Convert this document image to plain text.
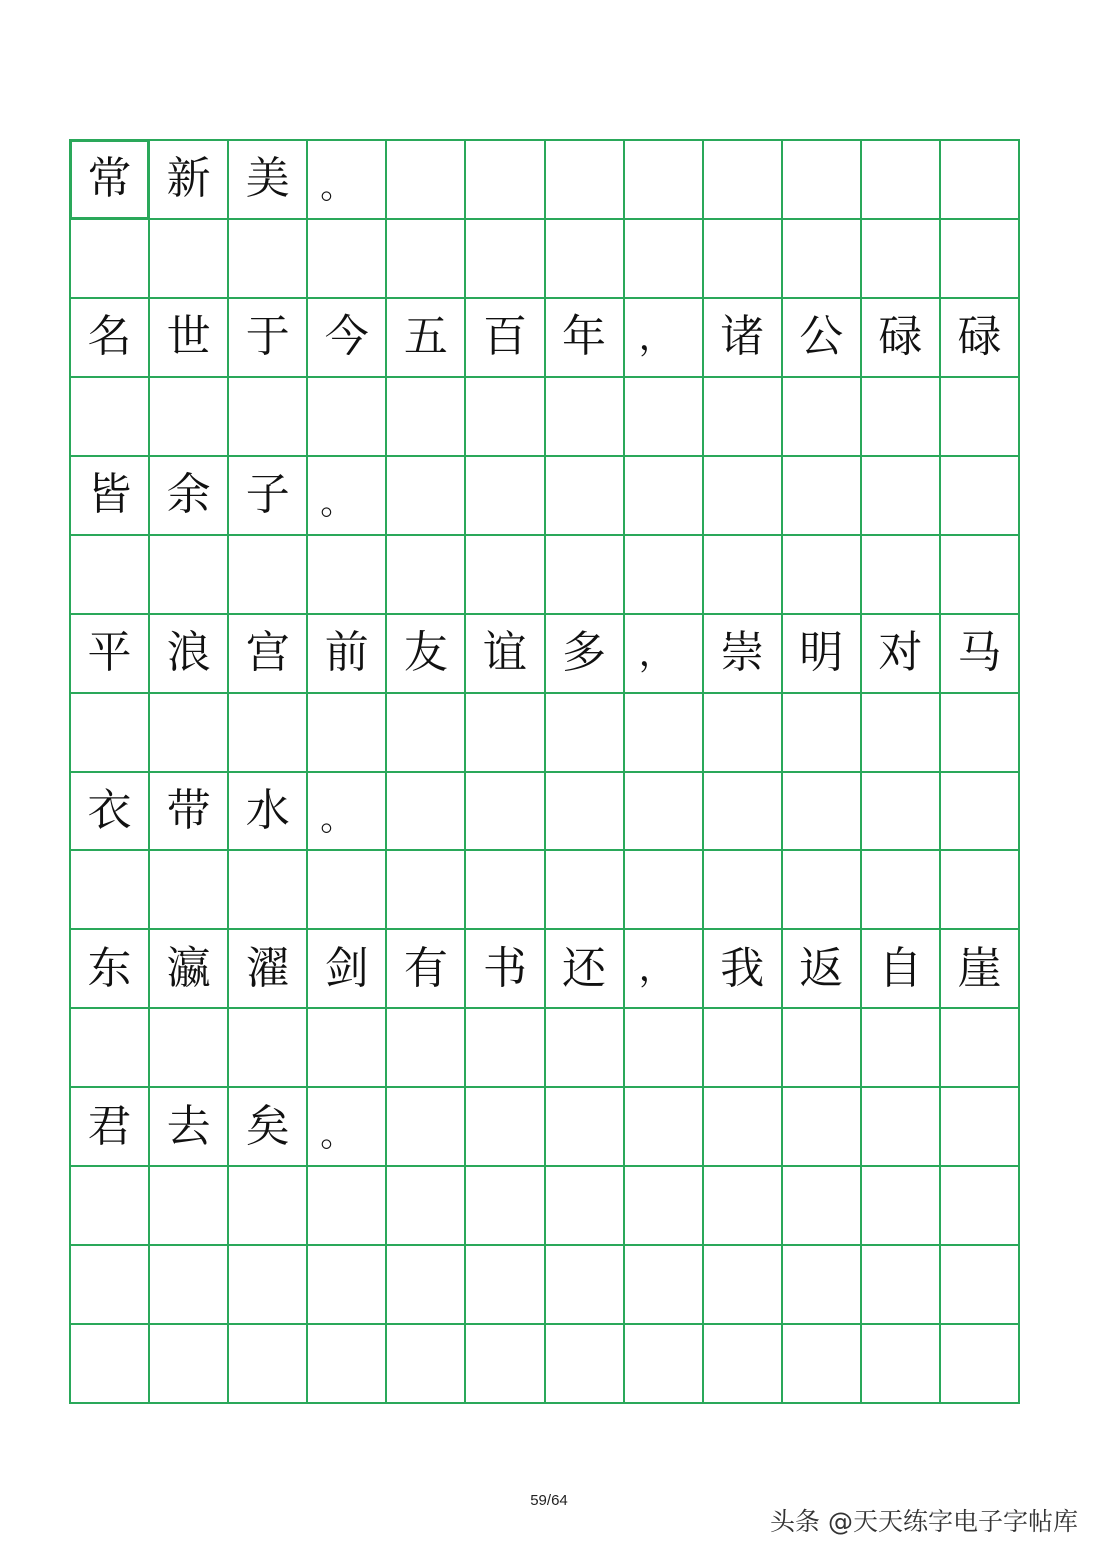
常 新 美 。
名 世 于 今 五 百 年 ，	诸 公 碌 碌
皆 余 子 。
平 浪 宫 前 友 谊 多 ，	崇 明 对 马
衣 带 水 。
东 瀛 濯 剑 有 书 还 ，	我 返 自 崖
君 去 矣 。
59/64
头条 @天天练字电子字帖库
